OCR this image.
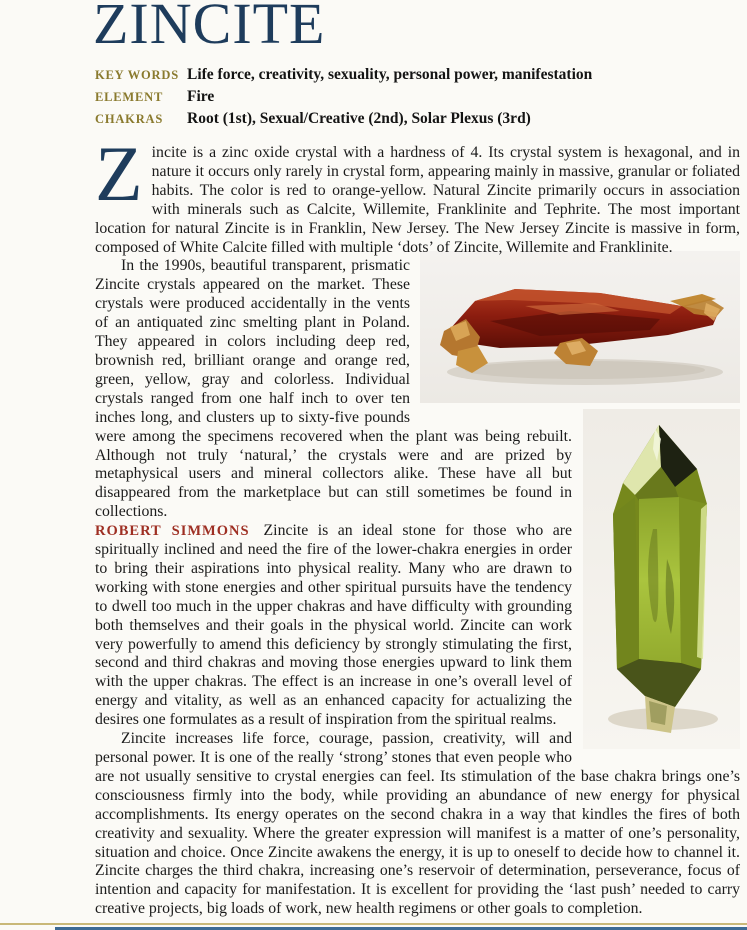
ZINCITE
KEY WORDS Life force, creativity, sexuality, personal power, manifestation
ELEMENT	Fire
CHAKRAS	Root (1st), Sexual/Creative (2nd), Solar Plexus (3rd)

Zincite is a zinc oxide crystal with a hardness of 4. Its crystal system is hexagonal, and in nature it occurs only rarely in crystal form, appearing mainly in massive, granular or foliated habits. The color is red to orange-yellow. Natural Zincite primarily occurs in association with minerals such as Calcite, Willemite, Franklinite and Tephrite. The most important location for natural Zincite is in Franklin, New Jersey. The New Jersey Zincite is massive in form, composed of White Calcite filled with multiple ‘dots’ of Zincite, Willemite and Franklinite.

In the 1990s, beautiful transparent, prismatic Zincite crystals appeared on the market. These crystals were produced accidentally in the vents of an antiquated zinc smelting plant in Poland. They appeared in colors including deep red, brownish red, brilliant orange and orange red, green, yellow, gray and colorless. Individual crystals ranged from one half inch to over ten inches long, and clusters up to sixty-five pounds were among the specimens recovered when the plant was being rebuilt. Although not truly ‘natural,’ the crystals were and are prized by metaphysical users and mineral collectors alike. These have all but disappeared from the marketplace but can still sometimes be found in collections.

ROBERT SIMMONS Zincite is an ideal stone for those who are spiritually inclined and need the fire of the lower-chakra energies in order to bring their aspirations into physical reality. Many who are drawn to working with stone energies and other spiritual pursuits have the tendency to dwell too much in the upper chakras and have difficulty with grounding both themselves and their goals in the physical world. Zincite can work very powerfully to amend this deficiency by strongly stimulating the first, second and third chakras and moving those energies upward to link them with the upper chakras. The effect is an increase in one’s overall level of energy and vitality, as well as an enhanced capacity for actualizing the desires one formulates as a result of inspiration from the spiritual realms.

Zincite increases life force, courage, passion, creativity, will and personal power. It is one of the really ‘strong’ stones that even people who are not usually sensitive to crystal energies can feel. Its stimulation of the base chakra brings one’s consciousness firmly into the body, while providing an abundance of new energy for physical accomplishments. Its energy operates on the second chakra in a way that kindles the fires of both creativity and sexuality. Where the greater expression will manifest is a matter of one’s personality, situation and choice. Once Zincite awakens the energy, it is up to oneself to decide how to channel it. Zincite charges the third chakra, increasing one’s reservoir of determination, perseverance, focus of intention and capacity for manifestation. It is excellent for providing the ‘last push’ needed to carry creative projects, big loads of work, new health regimens or other goals to completion.
